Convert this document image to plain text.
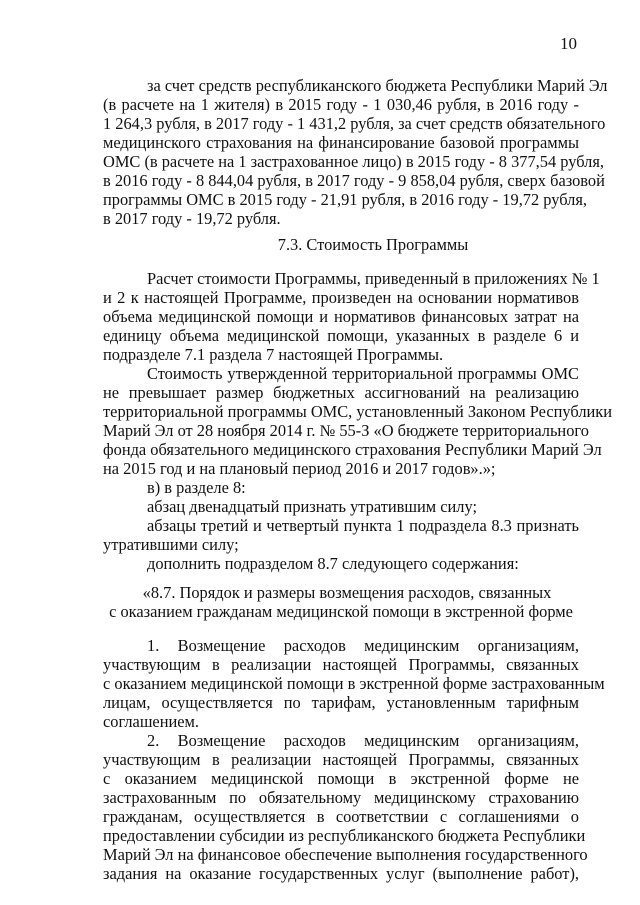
10
за счет средств республиканского бюджета Республики Марий Эл
(в расчете на 1 жителя) в 2015 году - 1 030,46 рубля, в 2016 году -
1 264,3 рубля, в 2017 году - 1 431,2 рубля, за счет средств обязательного
медицинского страхования на финансирование базовой программы
ОМС (в расчете на 1 застрахованное лицо) в 2015 году - 8 377,54 рубля,
в 2016 году - 8 844,04 рубля, в 2017 году - 9 858,04 рубля, сверх базовой
программы ОМС в 2015 году - 21,91 рубля, в 2016 году - 19,72 рубля,
в 2017 году - 19,72 рубля.
7.3. Стоимость Программы
Расчет стоимости Программы, приведенный в приложениях № 1
и 2 к настоящей Программе, произведен на основании нормативов
объема медицинской помощи и нормативов финансовых затрат на
единицу объема медицинской помощи, указанных в разделе 6 и
подразделе 7.1 раздела 7 настоящей Программы.
Стоимость утвержденной территориальной программы ОМС
не превышает размер бюджетных ассигнований на реализацию
территориальной программы ОМС, установленный Законом Республики
Марий Эл от 28 ноября 2014 г. № 55-З «О бюджете территориального
фонда обязательного медицинского страхования Республики Марий Эл
на 2015 год и на плановый период 2016 и 2017 годов».»;
в) в разделе 8:
абзац двенадцатый признать утратившим силу;
абзацы третий и четвертый пункта 1 подраздела 8.3 признать
утратившими силу;
дополнить подразделом 8.7 следующего содержания:
«8.7. Порядок и размеры возмещения расходов, связанных
с оказанием гражданам медицинской помощи в экстренной форме
1. Возмещение расходов медицинским организациям,
участвующим в реализации настоящей Программы, связанных
с оказанием медицинской помощи в экстренной форме застрахованным
лицам, осуществляется по тарифам, установленным тарифным
соглашением.
2. Возмещение расходов медицинским организациям,
участвующим в реализации настоящей Программы, связанных
с оказанием медицинской помощи в экстренной форме не
застрахованным по обязательному медицинскому страхованию
гражданам, осуществляется в соответствии с соглашениями о
предоставлении субсидии из республиканского бюджета Республики
Марий Эл на финансовое обеспечение выполнения государственного
задания на оказание государственных услуг (выполнение работ),
